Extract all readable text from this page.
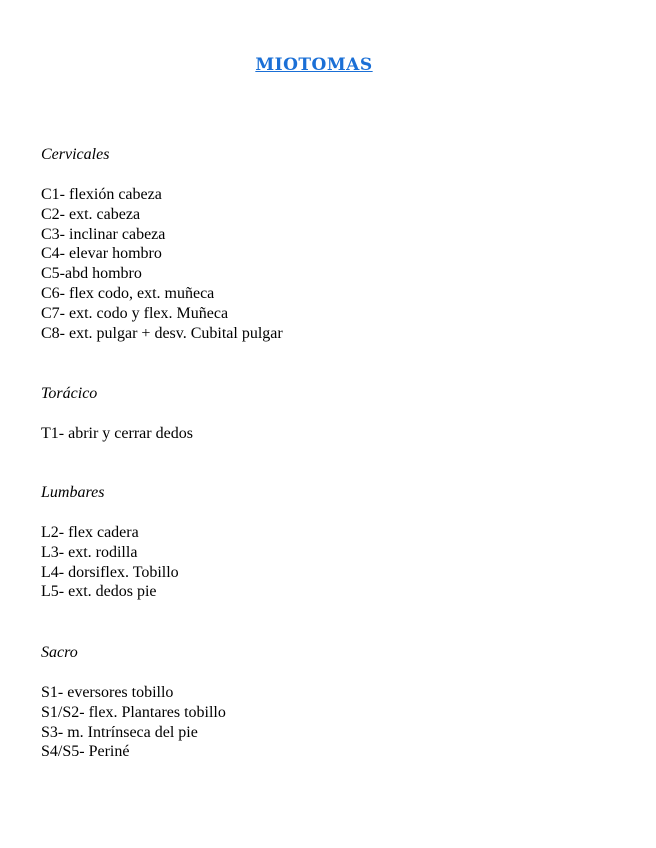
MIOTOMAS
Cervicales
C1- flexión cabeza
C2- ext. cabeza
C3- inclinar cabeza
C4- elevar hombro
C5-abd hombro
C6- flex codo, ext. muñeca
C7- ext. codo y flex. Muñeca
C8- ext. pulgar + desv. Cubital pulgar
Torácico
T1- abrir y cerrar dedos
Lumbares
L2- flex cadera
L3- ext. rodilla
L4- dorsiflex. Tobillo
L5- ext. dedos pie
Sacro
S1- eversores tobillo
S1/S2- flex. Plantares tobillo
S3- m. Intrínseca del pie
S4/S5- Periné
